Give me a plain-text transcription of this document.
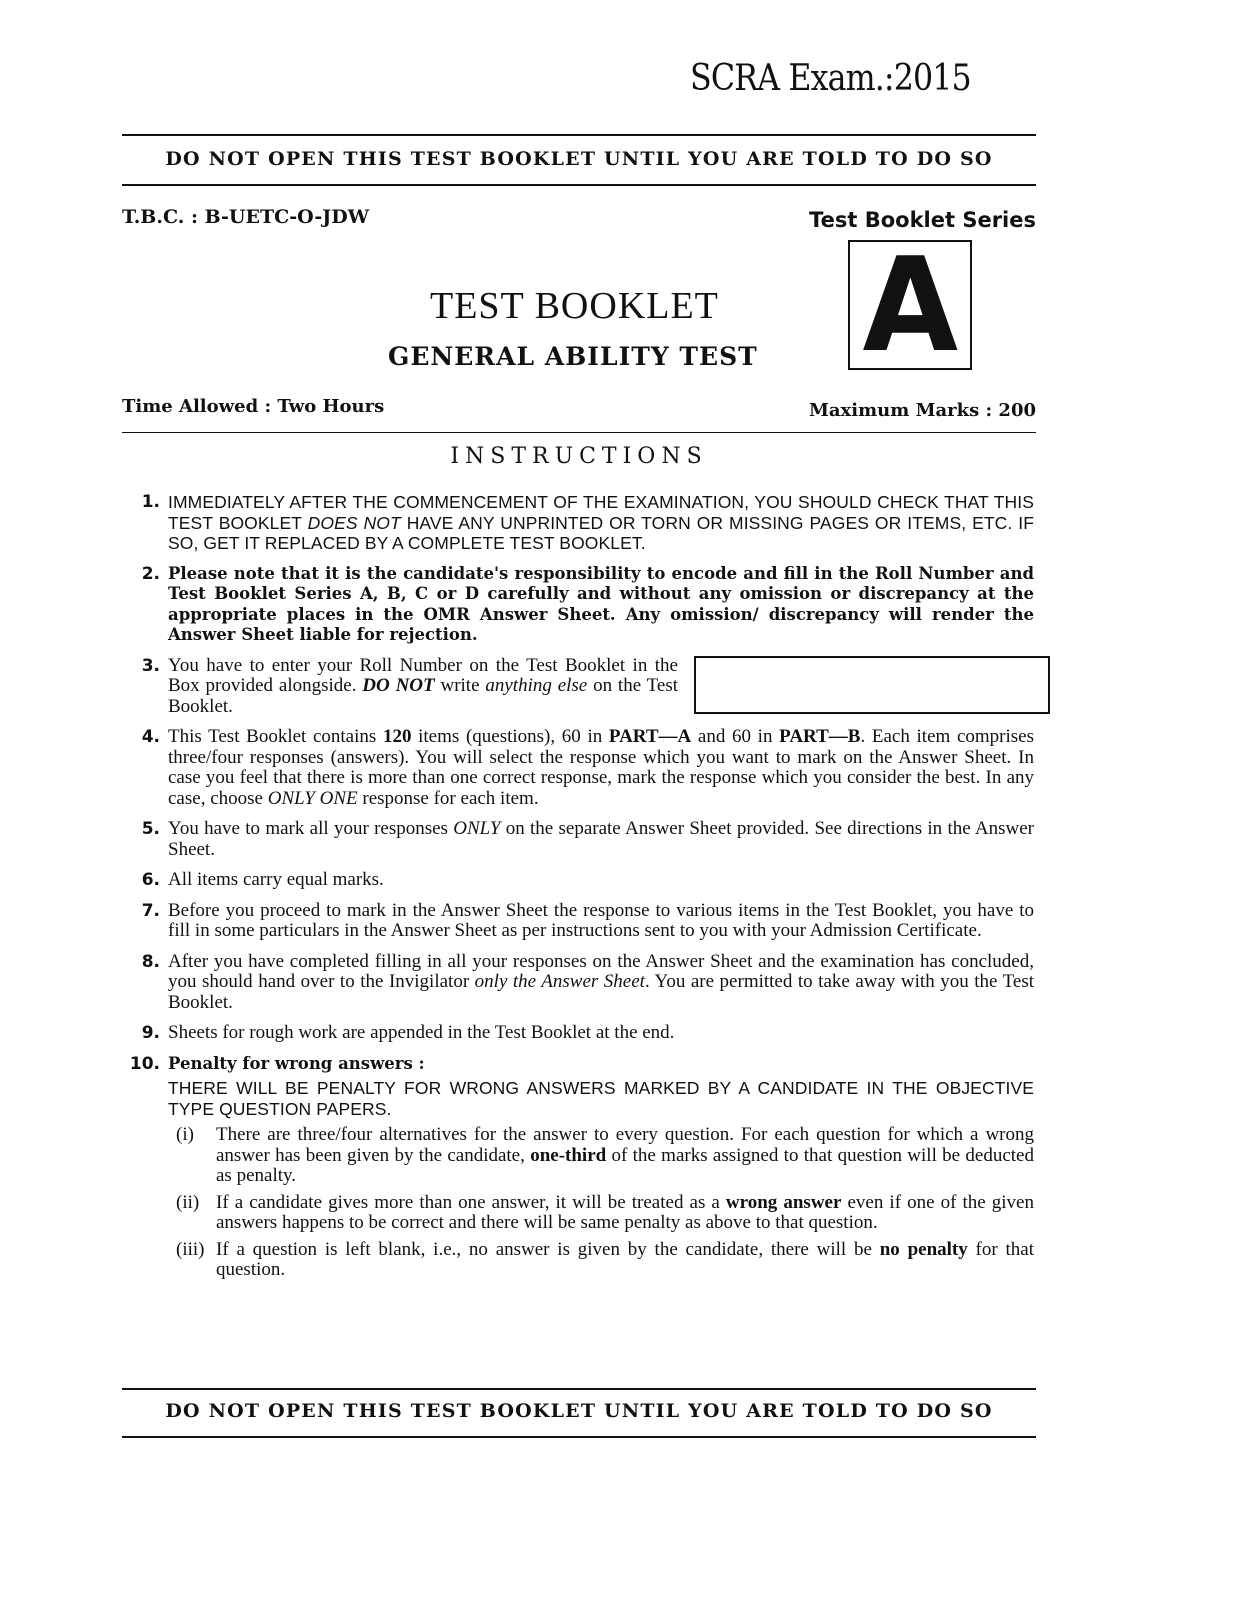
SCRA Exam.:2015
DO NOT OPEN THIS TEST BOOKLET UNTIL YOU ARE TOLD TO DO SO
T.B.C. : B-UETC-O-JDW	Test Booklet Series
A
TEST BOOKLET
GENERAL ABILITY TEST
Time Allowed : Two Hours	Maximum Marks : 200
INSTRUCTIONS
1. IMMEDIATELY AFTER THE COMMENCEMENT OF THE EXAMINATION, YOU SHOULD CHECK THAT THIS TEST BOOKLET DOES NOT HAVE ANY UNPRINTED OR TORN OR MISSING PAGES OR ITEMS, ETC. IF SO, GET IT REPLACED BY A COMPLETE TEST BOOKLET.
2. Please note that it is the candidate's responsibility to encode and fill in the Roll Number and Test Booklet Series A, B, C or D carefully and without any omission or discrepancy at the appropriate places in the OMR Answer Sheet. Any omission/ discrepancy will render the Answer Sheet liable for rejection.
3. You have to enter your Roll Number on the Test Booklet in the Box provided alongside. DO NOT write anything else on the Test Booklet.
4. This Test Booklet contains 120 items (questions), 60 in PART—A and 60 in PART—B. Each item comprises three/four responses (answers). You will select the response which you want to mark on the Answer Sheet. In case you feel that there is more than one correct response, mark the response which you consider the best. In any case, choose ONLY ONE response for each item.
5. You have to mark all your responses ONLY on the separate Answer Sheet provided. See directions in the Answer Sheet.
6. All items carry equal marks.
7. Before you proceed to mark in the Answer Sheet the response to various items in the Test Booklet, you have to fill in some particulars in the Answer Sheet as per instructions sent to you with your Admission Certificate.
8. After you have completed filling in all your responses on the Answer Sheet and the examination has concluded, you should hand over to the Invigilator only the Answer Sheet. You are permitted to take away with you the Test Booklet.
9. Sheets for rough work are appended in the Test Booklet at the end.
10. Penalty for wrong answers :
THERE WILL BE PENALTY FOR WRONG ANSWERS MARKED BY A CANDIDATE IN THE OBJECTIVE TYPE QUESTION PAPERS.
(i)	There are three/four alternatives for the answer to every question. For each question for which a wrong answer has been given by the candidate, one-third of the marks assigned to that question will be deducted as penalty.
(ii) If a candidate gives more than one answer, it will be treated as a wrong answer even if one of the given answers happens to be correct and there will be same penalty as above to that question.
(iii) If a question is left blank, i.e., no answer is given by the candidate, there will be no penalty for that question.
DO NOT OPEN THIS TEST BOOKLET UNTIL YOU ARE TOLD TO DO SO
